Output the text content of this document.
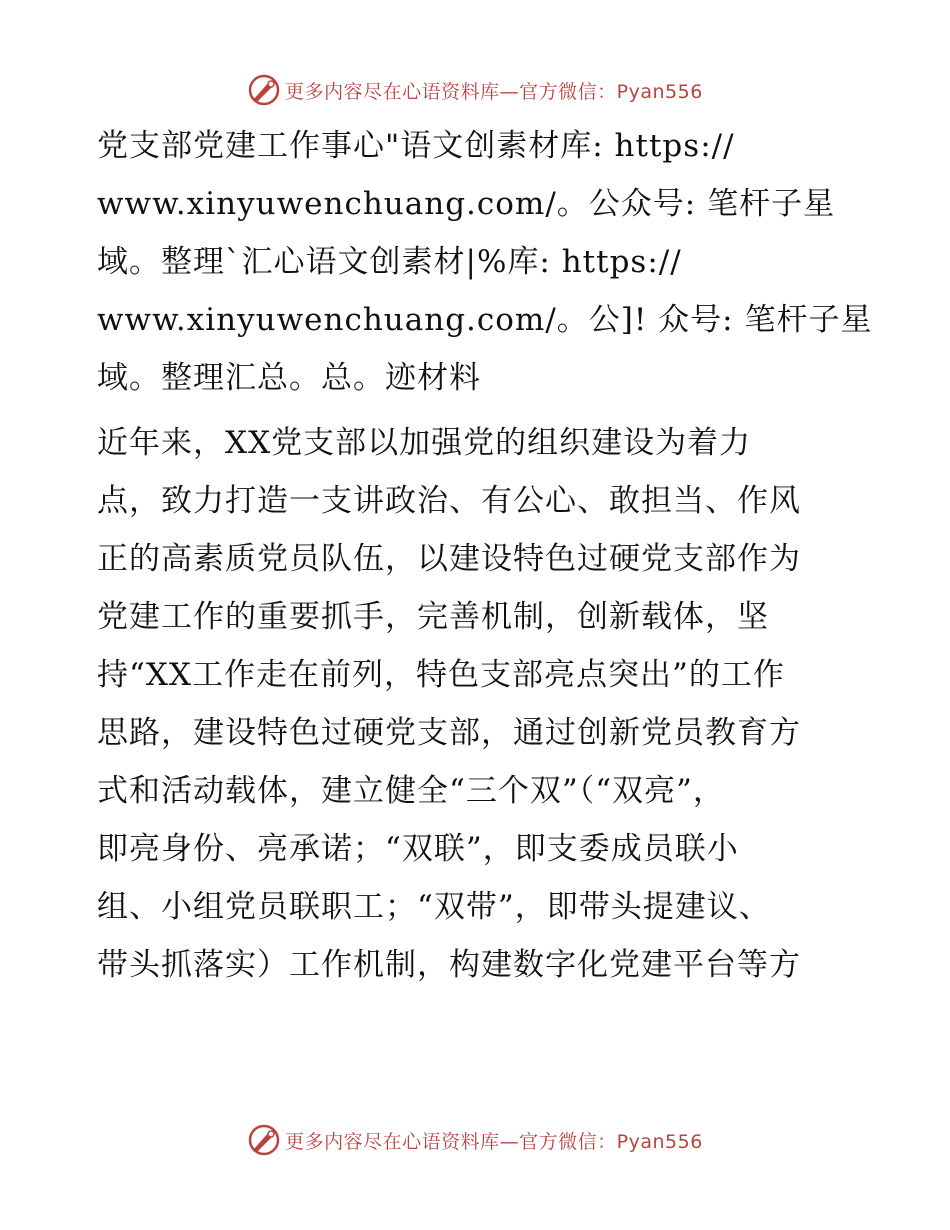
更多内容尽在心语资料库—官方微信：Pyan556

党支部党建工作事心"语文创素材库: https://
www.xinyuwenchuang.com/。公众号: 笔杆子星
域。整理`汇心语文创素材|%库: https://
www.xinyuwenchuang.com/。公]! 众号: 笔杆子星
域。整理汇总。总。迹材料

近年来，XX党支部以加强党的组织建设为着力
点，致力打造一支讲政治、有公心、敢担当、作风
正的高素质党员队伍，以建设特色过硬党支部作为
党建工作的重要抓手，完善机制，创新载体，坚
持“XX工作走在前列，特色支部亮点突出”的工作
思路，建设特色过硬党支部，通过创新党员教育方
式和活动载体，建立健全“三个双”（“双亮”，
即亮身份、亮承诺；“双联”，即支委成员联小
组、小组党员联职工；“双带”，即带头提建议、
带头抓落实）工作机制，构建数字化党建平台等方

更多内容尽在心语资料库—官方微信：Pyan556
